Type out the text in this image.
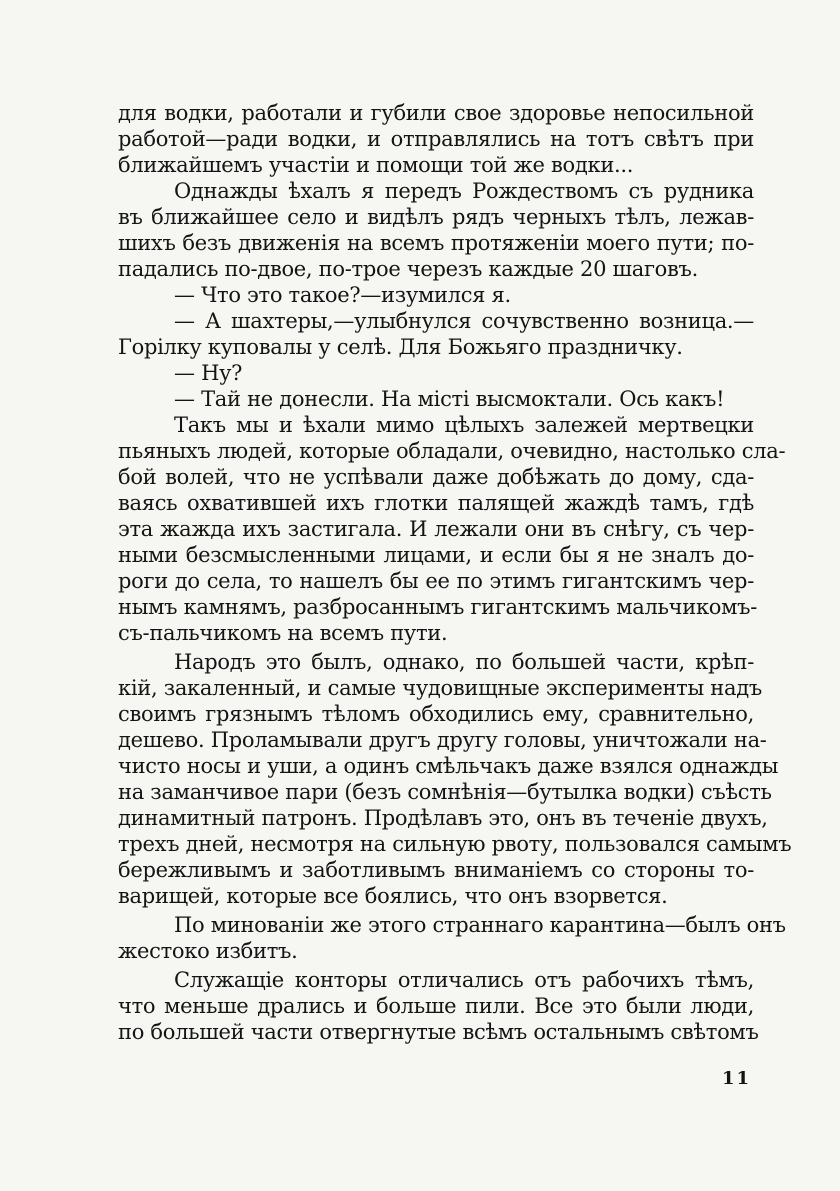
для водки, работали и губили свое здоровье непосильной
работой—ради водки, и отправлялись на тотъ свѣтъ при
ближайшемъ участіи и помощи той же водки...
Однажды ѣхалъ я передъ Рождествомъ съ рудника
въ ближайшее село и видѣлъ рядъ черныхъ тѣлъ, лежав-
шихъ безъ движенія на всемъ протяженіи моего пути; по-
падались по-двое, по-трое черезъ каждые 20 шаговъ.
— Что это такое?—изумился я.
— А шахтеры,—улыбнулся сочувственно возница.—
Горілку куповалы у селѣ. Для Божьяго праздничку.
— Ну?
— Тай не донесли. На місті высмоктали. Ось какъ!
Такъ мы и ѣхали мимо цѣлыхъ залежей мертвецки
пьяныхъ людей, которые обладали, очевидно, настолько сла-
бой волей, что не успѣвали даже добѣжать до дому, сда-
ваясь охватившей ихъ глотки палящей жаждѣ тамъ, гдѣ
эта жажда ихъ застигала. И лежали они въ снѣгу, съ чер-
ными безсмысленными лицами, и если бы я не зналъ до-
роги до села, то нашелъ бы ее по этимъ гигантскимъ чер-
нымъ камнямъ, разбросаннымъ гигантскимъ мальчикомъ-
съ-пальчикомъ на всемъ пути.
Народъ это былъ, однако, по большей части, крѣп-
кій, закаленный, и самые чудовищные эксперименты надъ
своимъ грязнымъ тѣломъ обходились ему, сравнительно,
дешево. Проламывали другъ другу головы, уничтожали на-
чисто носы и уши, а одинъ смѣльчакъ даже взялся однажды
на заманчивое пари (безъ сомнѣнія—бутылка водки) съѣсть
динамитный патронъ. Продѣлавъ это, онъ въ теченіе двухъ,
трехъ дней, несмотря на сильную рвоту, пользовался самымъ
бережливымъ и заботливымъ вниманіемъ со стороны то-
варищей, которые все боялись, что онъ взорвется.
По минованіи же этого страннаго карантина—былъ онъ
жестоко избитъ.
Служащіе конторы отличались отъ рабочихъ тѣмъ,
что меньше дрались и больше пили. Все это были люди,
по большей части отвергнутые всѣмъ остальнымъ свѣтомъ
11
